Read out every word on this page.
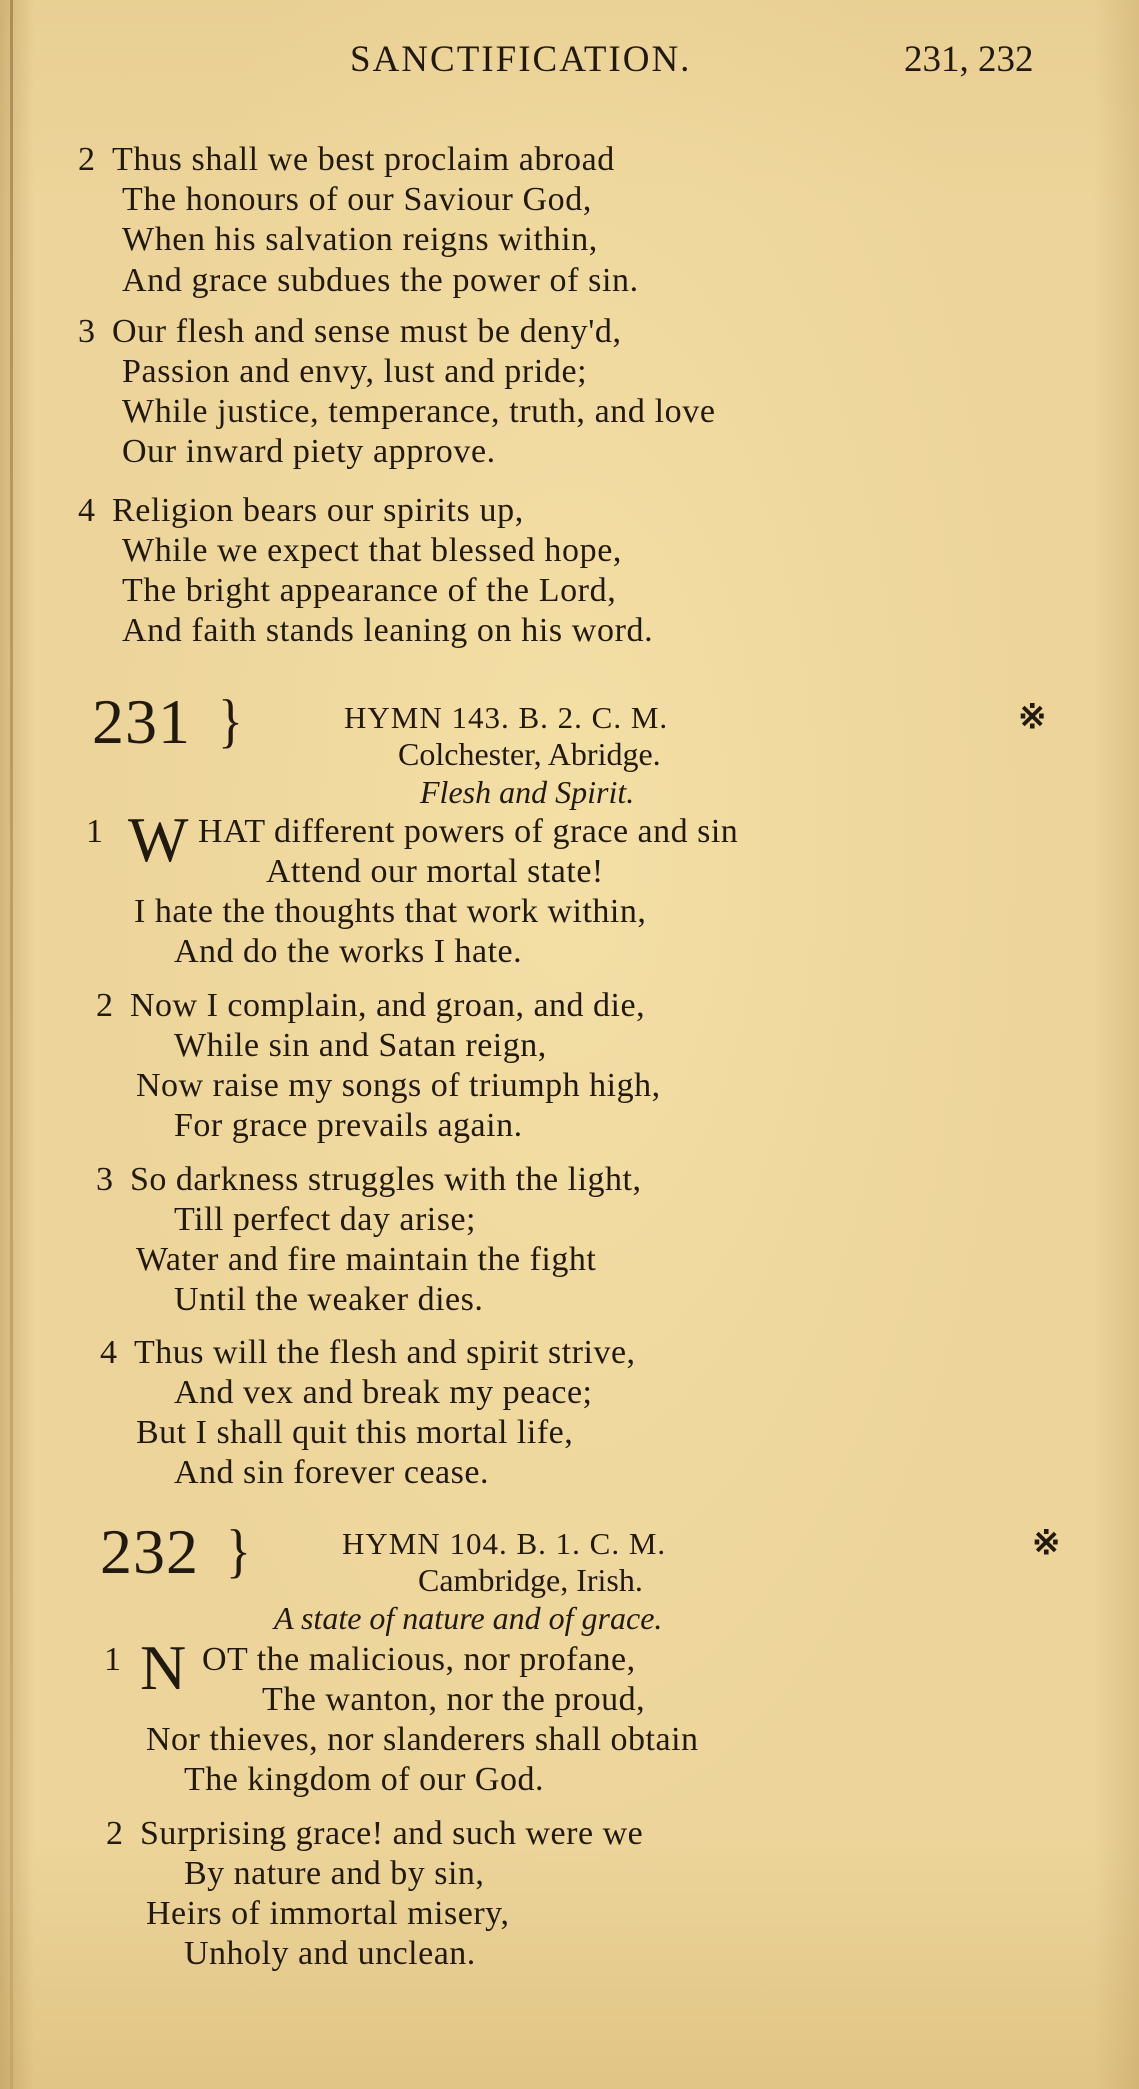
SANCTIFICATION.	231, 232
2 Thus shall we best proclaim abroad
The honours of our Saviour God,
When his salvation reigns within,
And grace subdues the power of sin.
3 Our flesh and sense must be deny'd,
Passion and envy, lust and pride;
While justice, temperance, truth, and love
Our inward piety approve.
4 Religion bears our spirits up,
While we expect that blessed hope,
The bright appearance of the Lord,
And faith stands leaning on his word.
231 }	HYMN 143. B. 2. C. M.	※
Colchester, Abridge.
Flesh and Spirit.
1 W HAT different powers of grace and sin
Attend our mortal state!
I hate the thoughts that work within,
And do the works I hate.
2 Now I complain, and groan, and die,
While sin and Satan reign,
Now raise my songs of triumph high,
For grace prevails again.
3 So darkness struggles with the light,
Till perfect day arise;
Water and fire maintain the fight
Until the weaker dies.
4 Thus will the flesh and spirit strive,
And vex and break my peace;
But I shall quit this mortal life,
And sin forever cease.
232 }	HYMN 104. B. 1. C. M.	※
Cambridge, Irish.
A state of nature and of grace.
1 N OT the malicious, nor profane,
The wanton, nor the proud,
Nor thieves, nor slanderers shall obtain
The kingdom of our God.
2 Surprising grace! and such were we
By nature and by sin,
Heirs of immortal misery,
Unholy and unclean.
